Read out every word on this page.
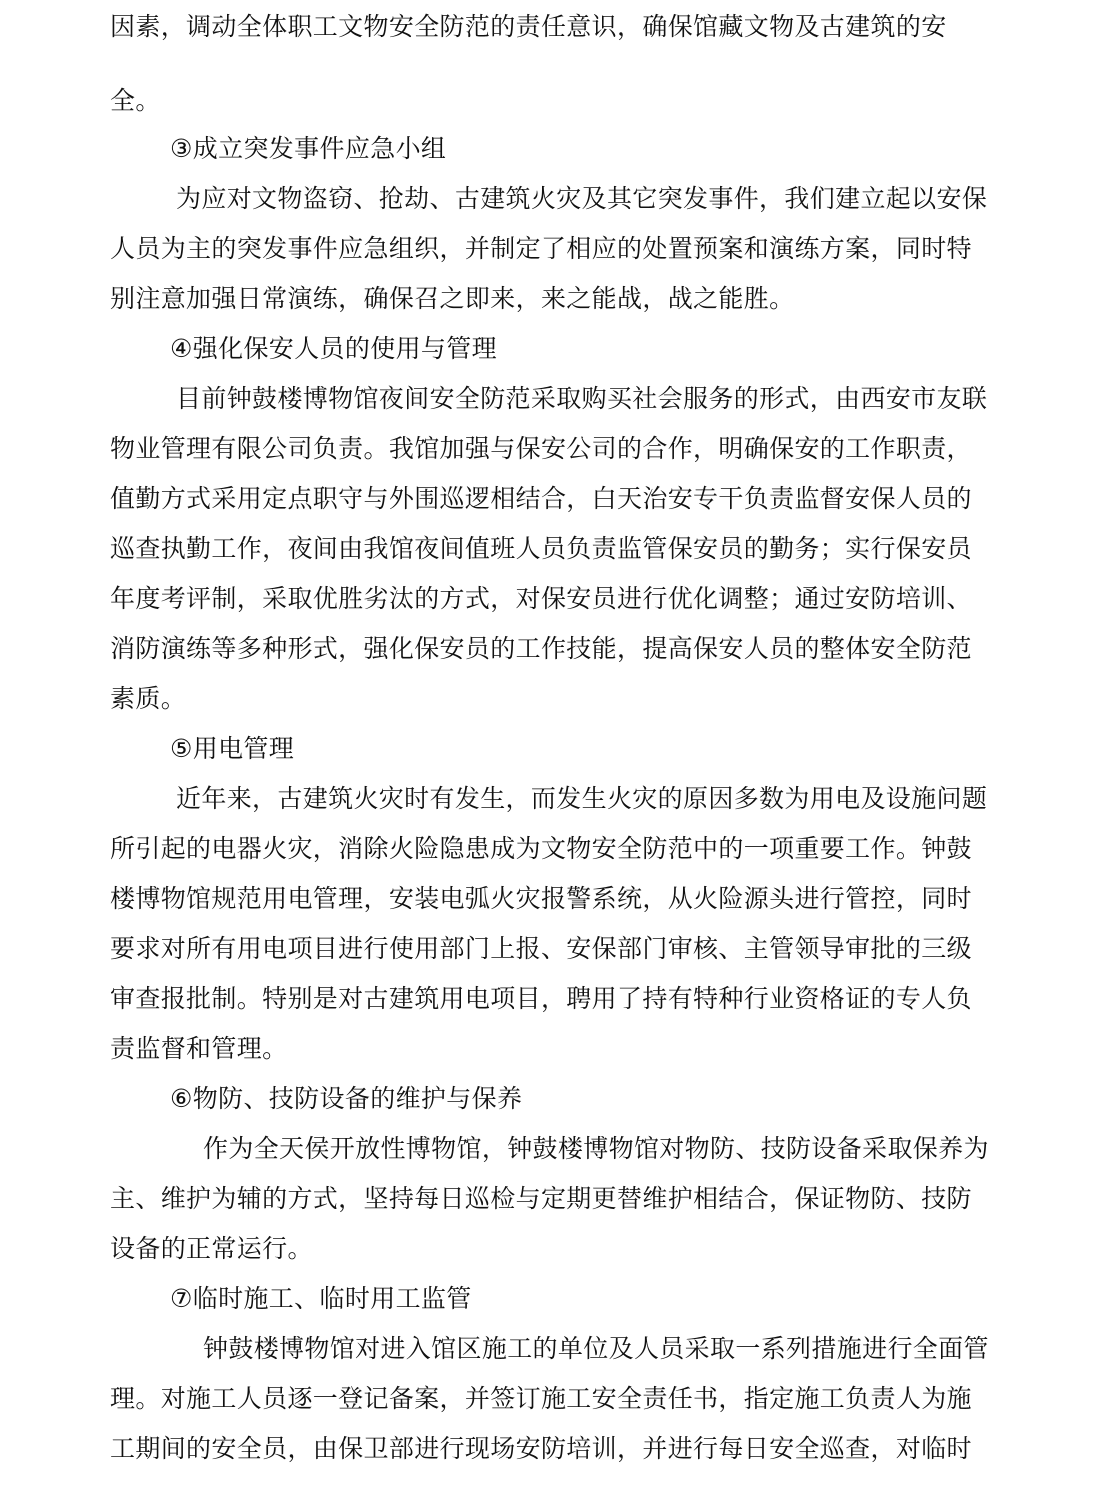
因素，调动全体职工文物安全防范的责任意识，确保馆藏文物及古建筑的安
全。
③成立突发事件应急小组
为应对文物盗窃、抢劫、古建筑火灾及其它突发事件，我们建立起以安保
人员为主的突发事件应急组织，并制定了相应的处置预案和演练方案，同时特
别注意加强日常演练，确保召之即来，来之能战，战之能胜。
④强化保安人员的使用与管理
目前钟鼓楼博物馆夜间安全防范采取购买社会服务的形式，由西安市友联
物业管理有限公司负责。我馆加强与保安公司的合作，明确保安的工作职责，
值勤方式采用定点职守与外围巡逻相结合，白天治安专干负责监督安保人员的
巡查执勤工作，夜间由我馆夜间值班人员负责监管保安员的勤务；实行保安员
年度考评制，采取优胜劣汰的方式，对保安员进行优化调整；通过安防培训、
消防演练等多种形式，强化保安员的工作技能，提高保安人员的整体安全防范
素质。
⑤用电管理
近年来，古建筑火灾时有发生，而发生火灾的原因多数为用电及设施问题
所引起的电器火灾，消除火险隐患成为文物安全防范中的一项重要工作。钟鼓
楼博物馆规范用电管理，安装电弧火灾报警系统，从火险源头进行管控，同时
要求对所有用电项目进行使用部门上报、安保部门审核、主管领导审批的三级
审查报批制。特别是对古建筑用电项目，聘用了持有特种行业资格证的专人负
责监督和管理。
⑥物防、技防设备的维护与保养
作为全天侯开放性博物馆，钟鼓楼博物馆对物防、技防设备采取保养为
主、维护为辅的方式，坚持每日巡检与定期更替维护相结合，保证物防、技防
设备的正常运行。
⑦临时施工、临时用工监管
钟鼓楼博物馆对进入馆区施工的单位及人员采取一系列措施进行全面管
理。对施工人员逐一登记备案，并签订施工安全责任书，指定施工负责人为施
工期间的安全员，由保卫部进行现场安防培训，并进行每日安全巡查，对临时
